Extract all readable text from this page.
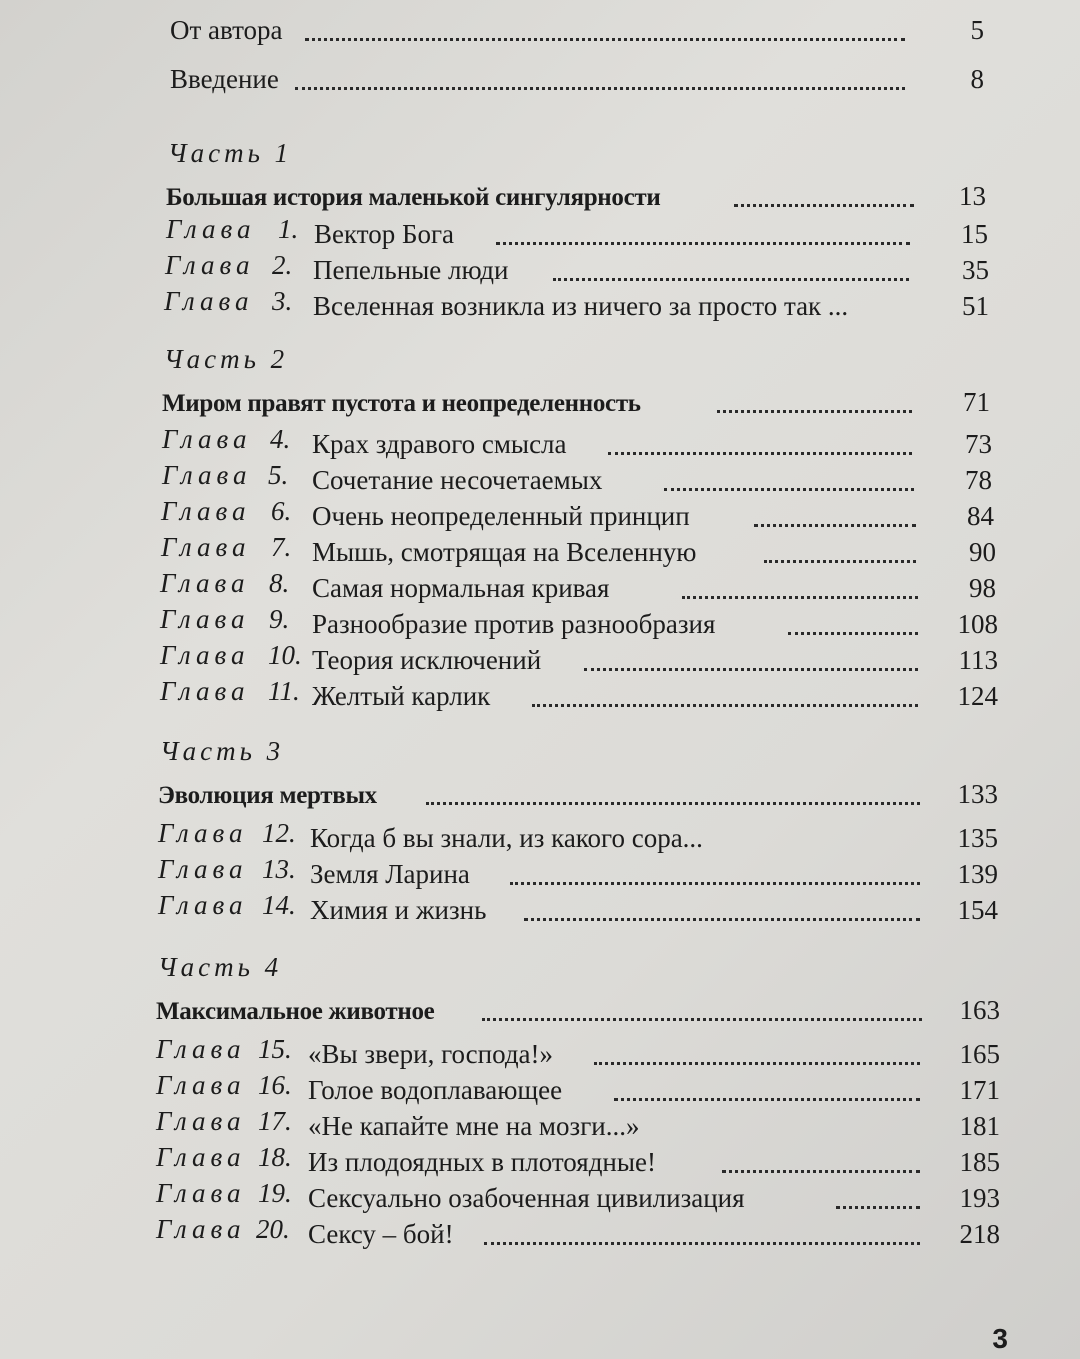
От автора	5
Введение	8
Часть 1
Большая история маленькой сингулярности	13
Глава 1. Вектор Бога	15
Глава 2. Пепельные люди	35
Глава 3. Вселенная возникла из ничего за просто так ...	51
Часть 2
Миром правят пустота и неопределенность	71
Глава 4. Крах здравого смысла	73
Глава 5. Сочетание несочетаемых	78
Глава 6. Очень неопределенный принцип	84
Глава 7. Мышь, смотрящая на Вселенную	90
Глава 8. Самая нормальная кривая	98
Глава 9. Разнообразие против разнообразия	108
Глава 10. Теория исключений	113
Глава 11. Желтый карлик	124
Часть 3
Эволюция мертвых	133
Глава 12. Когда б вы знали, из какого сора...	135
Глава 13. Земля Ларина	139
Глава 14. Химия и жизнь	154
Часть 4
Максимальное животное	163
Глава 15. «Вы звери, господа!»	165
Глава 16. Голое водоплавающее	171
Глава 17. «Не капайте мне на мозги...»	181
Глава 18. Из плодоядных в плотоядные!	185
Глава 19. Сексуально озабоченная цивилизация	193
Глава 20. Сексу – бой!	218
3
